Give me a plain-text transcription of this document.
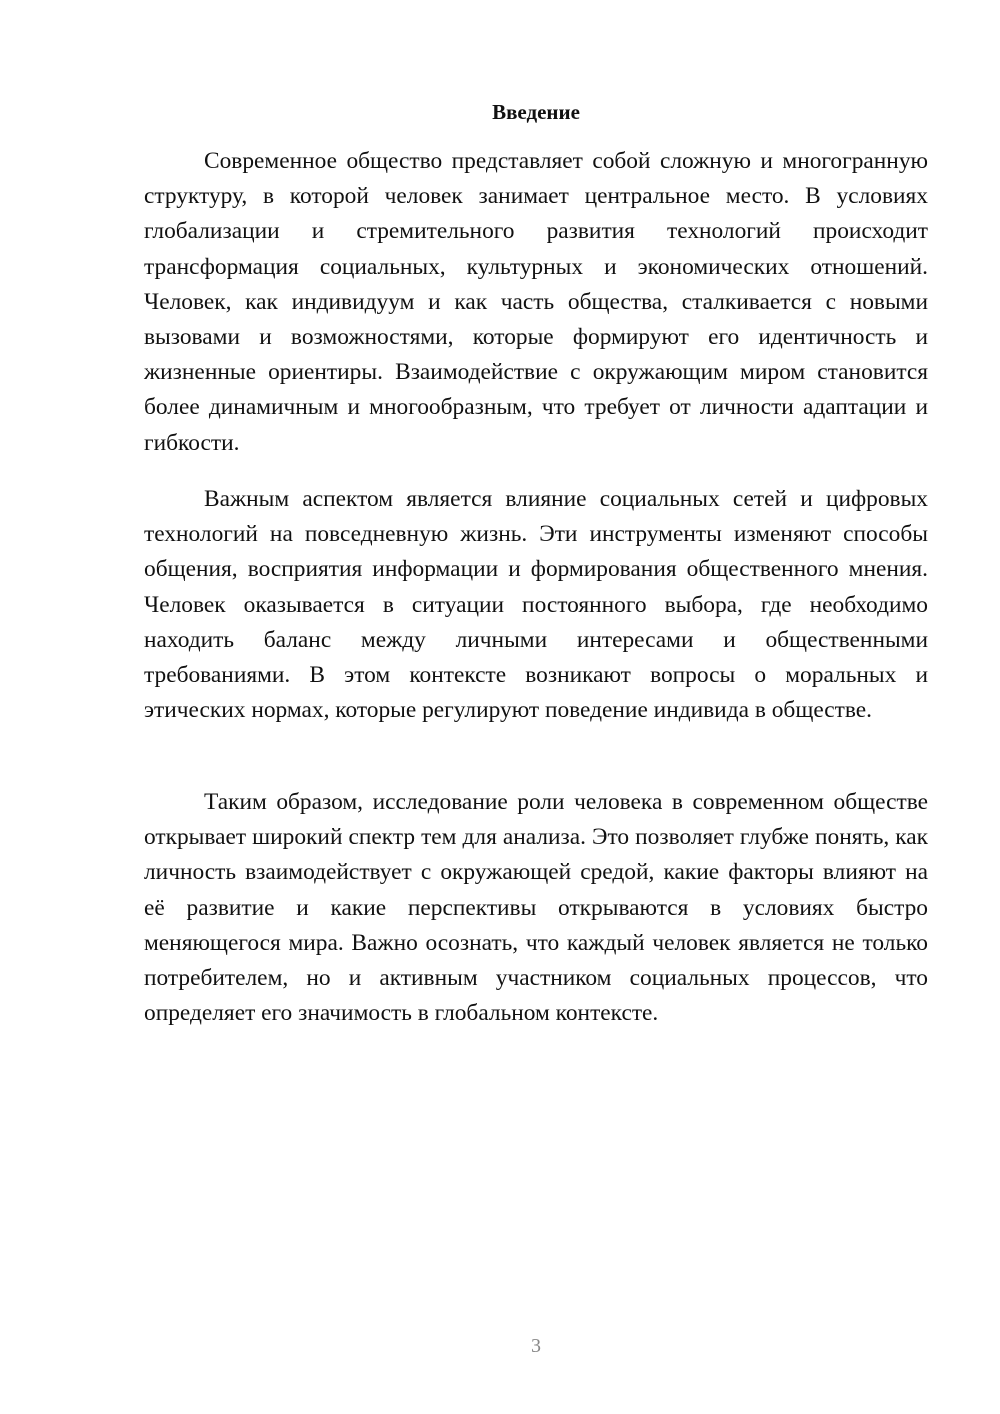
Введение

Современное общество представляет собой сложную и многогранную структуру, в которой человек занимает центральное место. В условиях глобализации и стремительного развития технологий происходит трансформация социальных, культурных и экономических отношений. Человек, как индивидуум и как часть общества, сталкивается с новыми вызовами и возможностями, которые формируют его идентичность и жизненные ориентиры. Взаимодействие с окружающим миром становится более динамичным и многообразным, что требует от личности адаптации и гибкости.

Важным аспектом является влияние социальных сетей и цифровых технологий на повседневную жизнь. Эти инструменты изменяют способы общения, восприятия информации и формирования общественного мнения. Человек оказывается в ситуации постоянного выбора, где необходимо находить баланс между личными интересами и общественными требованиями. В этом контексте возникают вопросы о моральных и этических нормах, которые регулируют поведение индивида в обществе.

Таким образом, исследование роли человека в современном обществе открывает широкий спектр тем для анализа. Это позволяет глубже понять, как личность взаимодействует с окружающей средой, какие факторы влияют на её развитие и какие перспективы открываются в условиях быстро меняющегося мира. Важно осознать, что каждый человек является не только потребителем, но и активным участником социальных процессов, что определяет его значимость в глобальном контексте.

3
